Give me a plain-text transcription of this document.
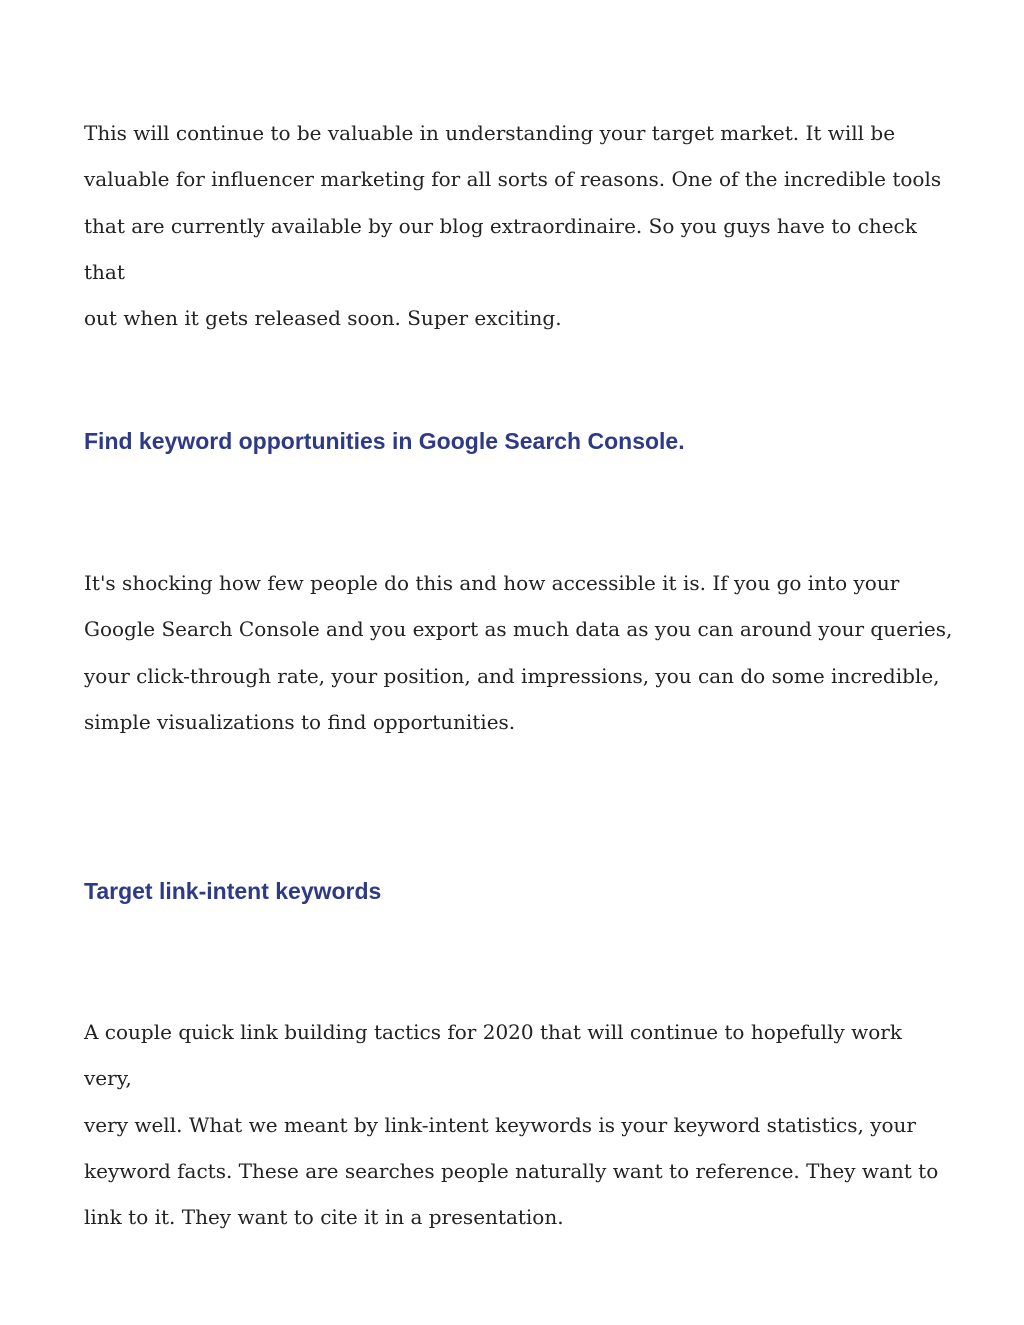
This will continue to be valuable in understanding your target market. It will be
valuable for influencer marketing for all sorts of reasons. One of the incredible tools
that are currently available by our blog extraordinaire. So you guys have to check that
out when it gets released soon. Super exciting.

Find keyword opportunities in Google Search Console.

It's shocking how few people do this and how accessible it is. If you go into your
Google Search Console and you export as much data as you can around your queries,
your click-through rate, your position, and impressions, you can do some incredible,
simple visualizations to find opportunities.

Target link-intent keywords

A couple quick link building tactics for 2020 that will continue to hopefully work very,
very well. What we meant by link-intent keywords is your keyword statistics, your
keyword facts. These are searches people naturally want to reference. They want to
link to it. They want to cite it in a presentation.
